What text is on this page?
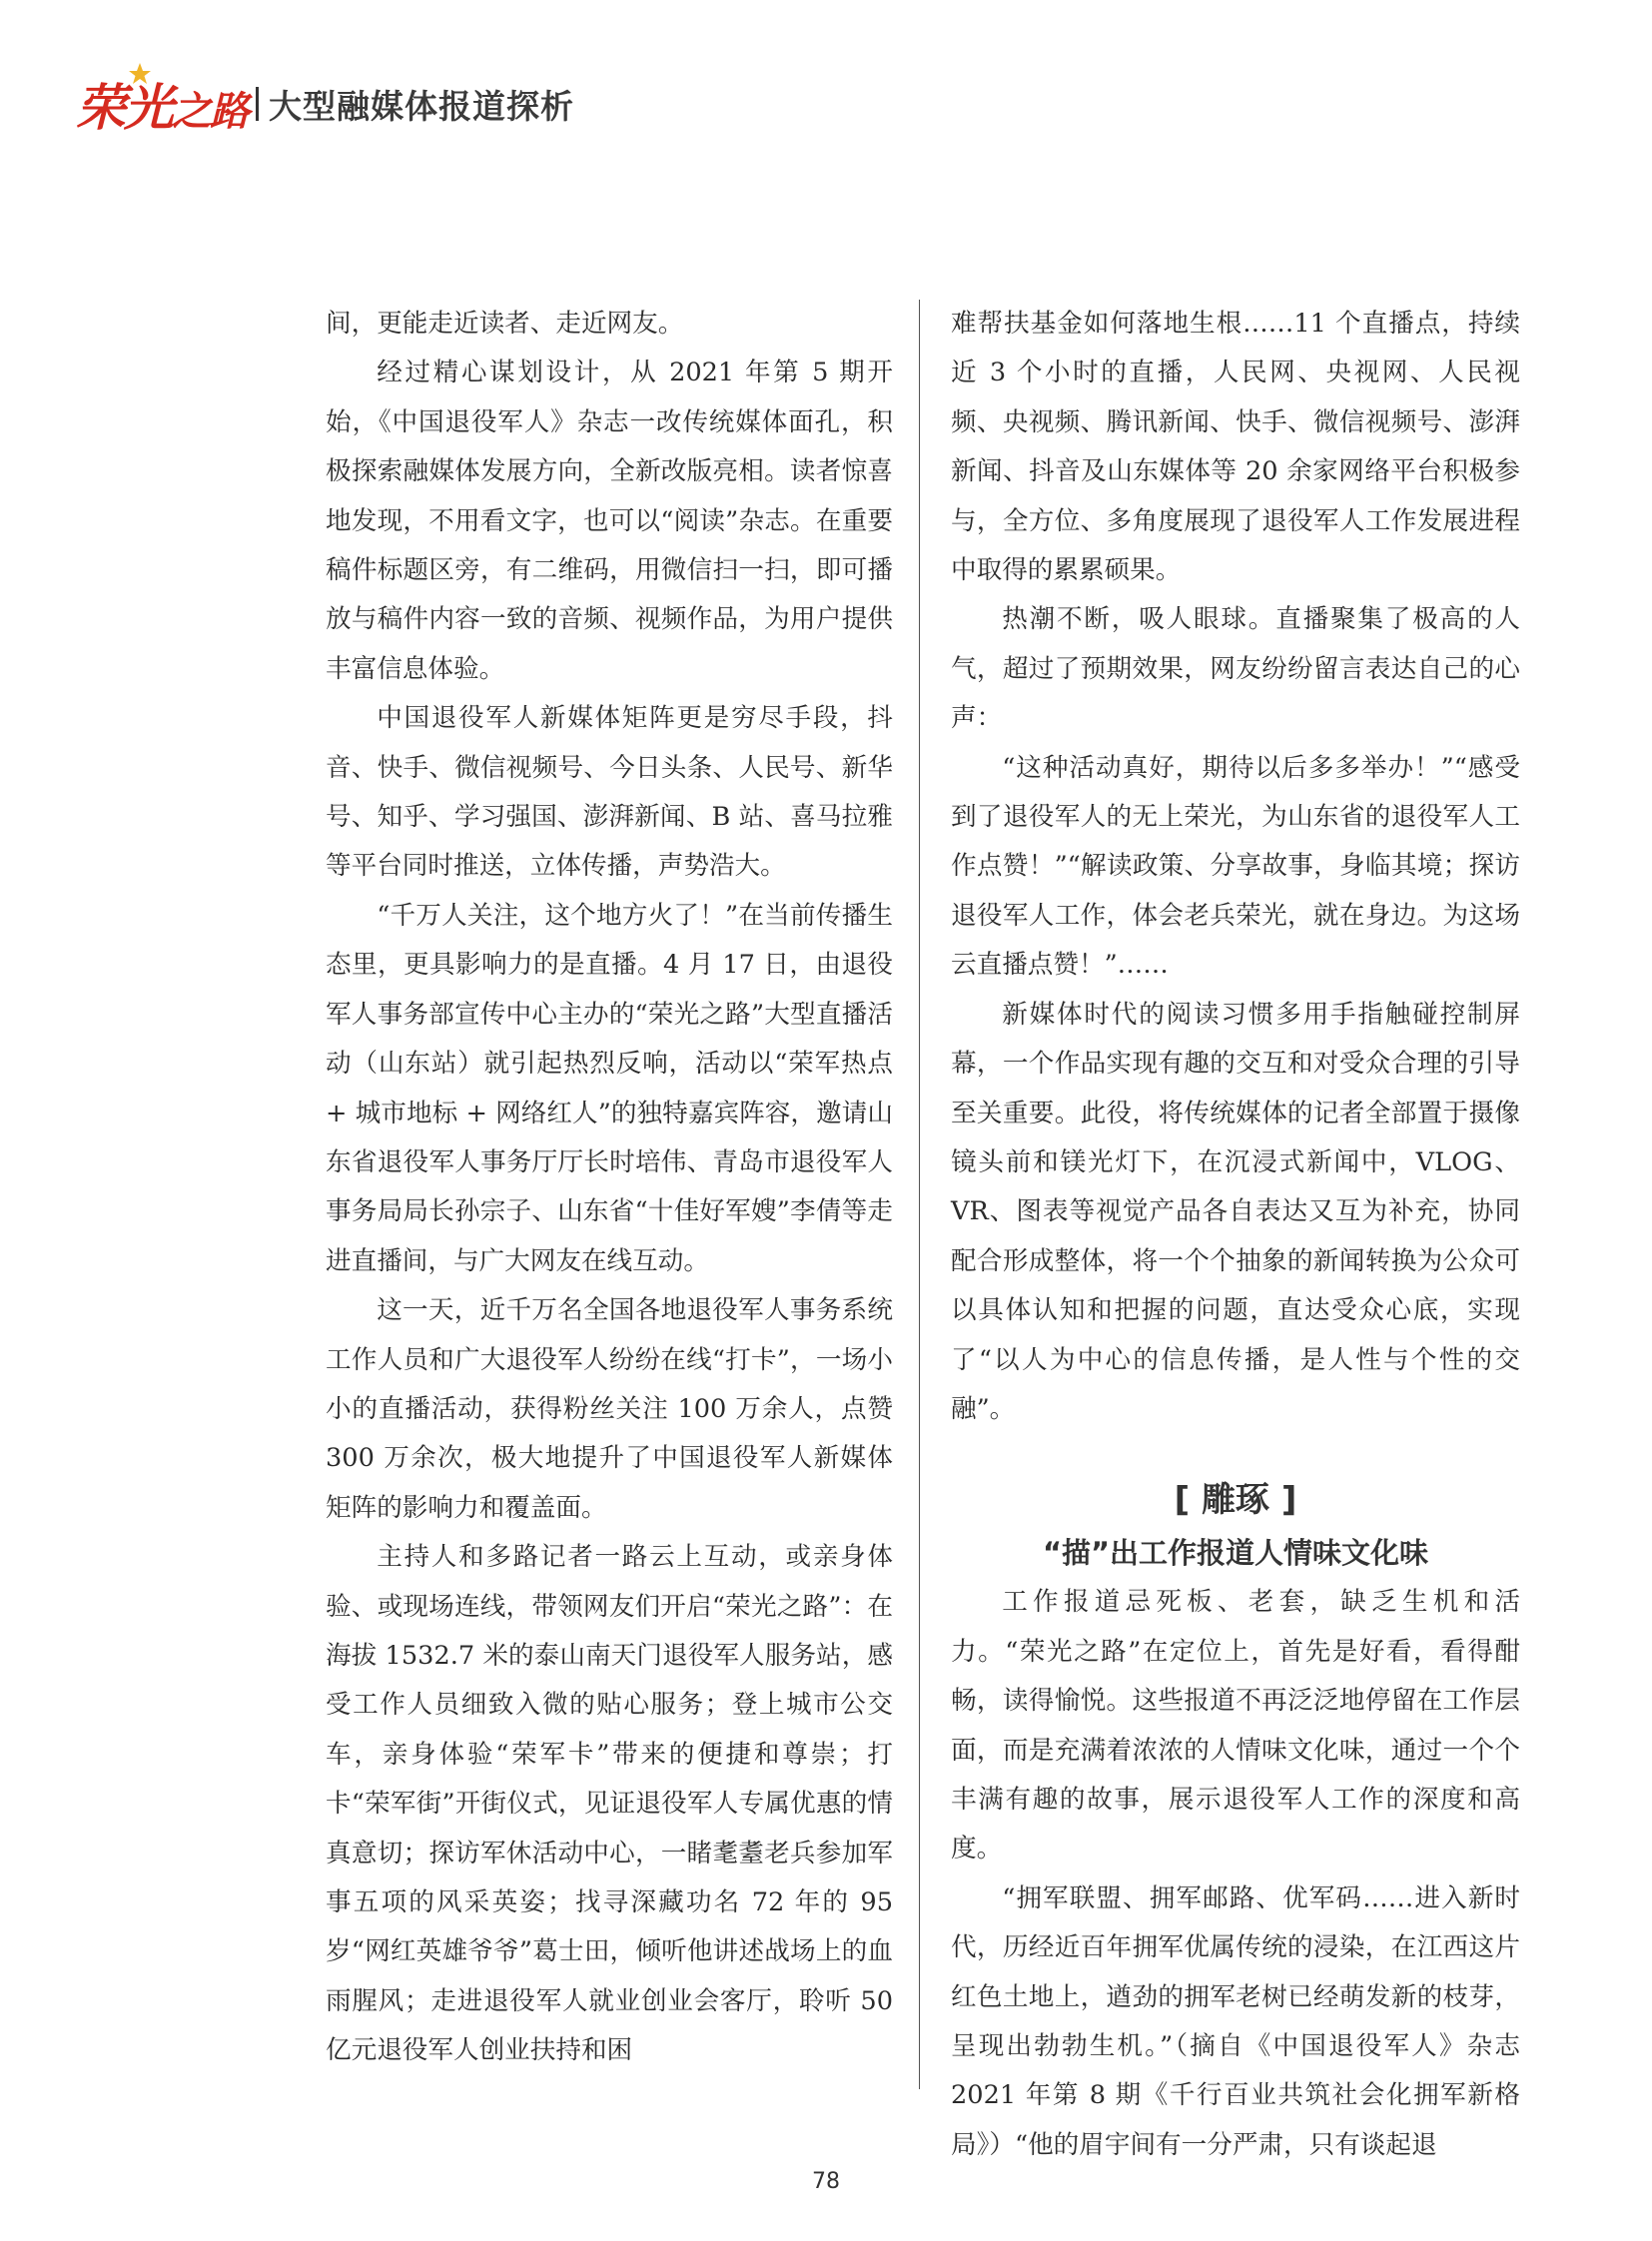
荣光 之路 大型融媒体报道探析

间，更能走近读者、走近网友。

经过精心谋划设计，从 2021 年第 5 期开始，《中国退役军人》杂志一改传统媒体面孔，积极探索融媒体发展方向，全新改版亮相。读者惊喜地发现，不用看文字，也可以“阅读”杂志。在重要稿件标题区旁，有二维码，用微信扫一扫，即可播放与稿件内容一致的音频、视频作品，为用户提供丰富信息体验。

中国退役军人新媒体矩阵更是穷尽手段，抖音、快手、微信视频号、今日头条、人民号、新华号、知乎、学习强国、澎湃新闻、B 站、喜马拉雅等平台同时推送，立体传播，声势浩大。

“千万人关注，这个地方火了！”在当前传播生态里，更具影响力的是直播。4 月 17 日，由退役军人事务部宣传中心主办的“荣光之路”大型直播活动（山东站）就引起热烈反响，活动以“荣军热点 + 城市地标 + 网络红人”的独特嘉宾阵容，邀请山东省退役军人事务厅厅长时培伟、青岛市退役军人事务局局长孙宗子、山东省“十佳好军嫂”李倩等走进直播间，与广大网友在线互动。

这一天，近千万名全国各地退役军人事务系统工作人员和广大退役军人纷纷在线“打卡”，一场小小的直播活动，获得粉丝关注 100 万余人，点赞 300 万余次，极大地提升了中国退役军人新媒体矩阵的影响力和覆盖面。

主持人和多路记者一路云上互动，或亲身体验、或现场连线，带领网友们开启“荣光之路”：在海拔 1532.7 米的泰山南天门退役军人服务站，感受工作人员细致入微的贴心服务；登上城市公交车，亲身体验“荣军卡”带来的便捷和尊崇；打卡“荣军街”开街仪式，见证退役军人专属优惠的情真意切；探访军休活动中心，一睹耄耋老兵参加军事五项的风采英姿；找寻深藏功名 72 年的 95 岁“网红英雄爷爷”葛士田，倾听他讲述战场上的血雨腥风；走进退役军人就业创业会客厅，聆听 50 亿元退役军人创业扶持和困

难帮扶基金如何落地生根……11 个直播点，持续近 3 个小时的直播，人民网、央视网、人民视频、央视频、腾讯新闻、快手、微信视频号、澎湃新闻、抖音及山东媒体等 20 余家网络平台积极参与，全方位、多角度展现了退役军人工作发展进程中取得的累累硕果。

热潮不断，吸人眼球。直播聚集了极高的人气，超过了预期效果，网友纷纷留言表达自己的心声：

“这种活动真好，期待以后多多举办！”“感受到了退役军人的无上荣光，为山东省的退役军人工作点赞！”“解读政策、分享故事，身临其境；探访退役军人工作，体会老兵荣光，就在身边。为这场云直播点赞！”……

新媒体时代的阅读习惯多用手指触碰控制屏幕，一个作品实现有趣的交互和对受众合理的引导至关重要。此役，将传统媒体的记者全部置于摄像镜头前和镁光灯下，在沉浸式新闻中，VLOG、VR、图表等视觉产品各自表达又互为补充，协同配合形成整体，将一个个抽象的新闻转换为公众可以具体认知和把握的问题，直达受众心底，实现了“以人为中心的信息传播，是人性与个性的交融”。

[ 雕琢 ]
“描”出工作报道人情味文化味

工作报道忌死板、老套，缺乏生机和活力。“荣光之路”在定位上，首先是好看，看得酣畅，读得愉悦。这些报道不再泛泛地停留在工作层面，而是充满着浓浓的人情味文化味，通过一个个丰满有趣的故事，展示退役军人工作的深度和高度。

“拥军联盟、拥军邮路、优军码……进入新时代，历经近百年拥军优属传统的浸染，在江西这片红色土地上，遒劲的拥军老树已经萌发新的枝芽，呈现出勃勃生机。”（摘自《中国退役军人》杂志 2021 年第 8 期《千行百业共筑社会化拥军新格局》）“他的眉宇间有一分严肃，只有谈起退

78
